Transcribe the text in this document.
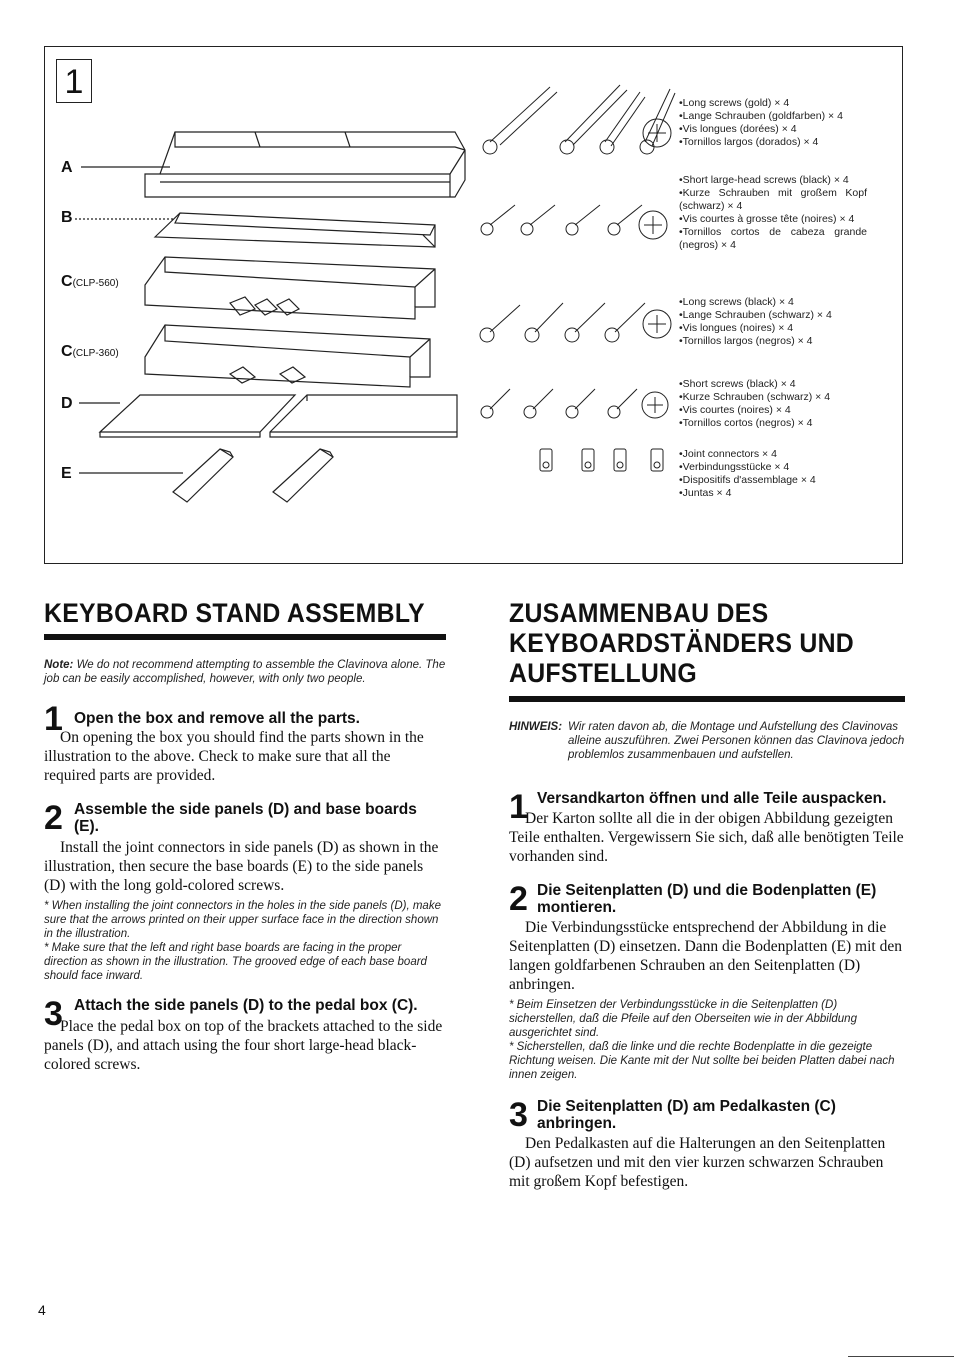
1
A
B
C(CLP-560)
C(CLP-360)
D
E
•Long screws (gold) × 4
•Lange Schrauben (goldfarben) × 4
•Vis longues (dorées) × 4
•Tornillos largos (dorados) × 4
•Short large-head screws (black) × 4
•Kurze Schrauben mit großem Kopf (schwarz) × 4
•Vis courtes à grosse tête (noires) × 4
•Tornillos cortos de cabeza grande (negros) × 4
•Long screws (black) × 4
•Lange Schrauben (schwarz) × 4
•Vis longues (noires) × 4
•Tornillos largos (negros) × 4
•Short screws (black) × 4
•Kurze Schrauben (schwarz) × 4
•Vis courtes (noires) × 4
•Tornillos cortos (negros) × 4
•Joint connectors × 4
•Verbindungsstücke × 4
•Dispositifs d'assemblage × 4
•Juntas × 4
KEYBOARD STAND ASSEMBLY
Note: We do not recommend attempting to assemble the Clavinova alone. The job can be easily accomplished, however, with only two people.
1 Open the box and remove all the parts.
On opening the box you should find the parts shown in the illustration to the above. Check to make sure that all the required parts are provided.
2 Assemble the side panels (D) and base boards (E).
Install the joint connectors in side panels (D) as shown in the illustration, then secure the base boards (E) to the side panels (D) with the long gold-colored screws.
* When installing the joint connectors in the holes in the side panels (D), make sure that the arrows printed on their upper surface face in the direction shown in the illustration.
* Make sure that the left and right base boards are facing in the proper direction as shown in the illustration. The grooved edge of each base board should face inward.
3 Attach the side panels (D) to the pedal box (C).
Place the pedal box on top of the brackets attached to the side panels (D), and attach using the four short large-head black-colored screws.
ZUSAMMENBAU DES
KEYBOARDSTÄNDERS UND
AUFSTELLUNG
HINWEIS: Wir raten davon ab, die Montage und Aufstellung des Clavinovas alleine auszuführen. Zwei Personen können das Clavinova jedoch problemlos zusammenbauen und aufstellen.
1 Versandkarton öffnen und alle Teile auspacken.
Der Karton sollte all die in der obigen Abbildung gezeigten Teile enthalten. Vergewissern Sie sich, daß alle benötigten Teile vorhanden sind.
2 Die Seitenplatten (D) und die Bodenplatten (E) montieren.
Die Verbindungsstücke entsprechend der Abbildung in die Seitenplatten (D) einsetzen. Dann die Bodenplatten (E) mit den langen goldfarbenen Schrauben an den Seitenplatten (D) anbringen.
* Beim Einsetzen der Verbindungsstücke in die Seitenplatten (D) sicherstellen, daß die Pfeile auf den Oberseiten wie in der Abbildung ausgerichtet sind.
* Sicherstellen, daß die linke und die rechte Bodenplatte in die gezeigte Richtung weisen. Die Kante mit der Nut sollte bei beiden Platten dabei nach innen zeigen.
3 Die Seitenplatten (D) am Pedalkasten (C) anbringen.
Den Pedalkasten auf die Halterungen an den Seitenplatten (D) aufsetzen und mit den vier kurzen schwarzen Schrauben mit großem Kopf befestigen.
4
